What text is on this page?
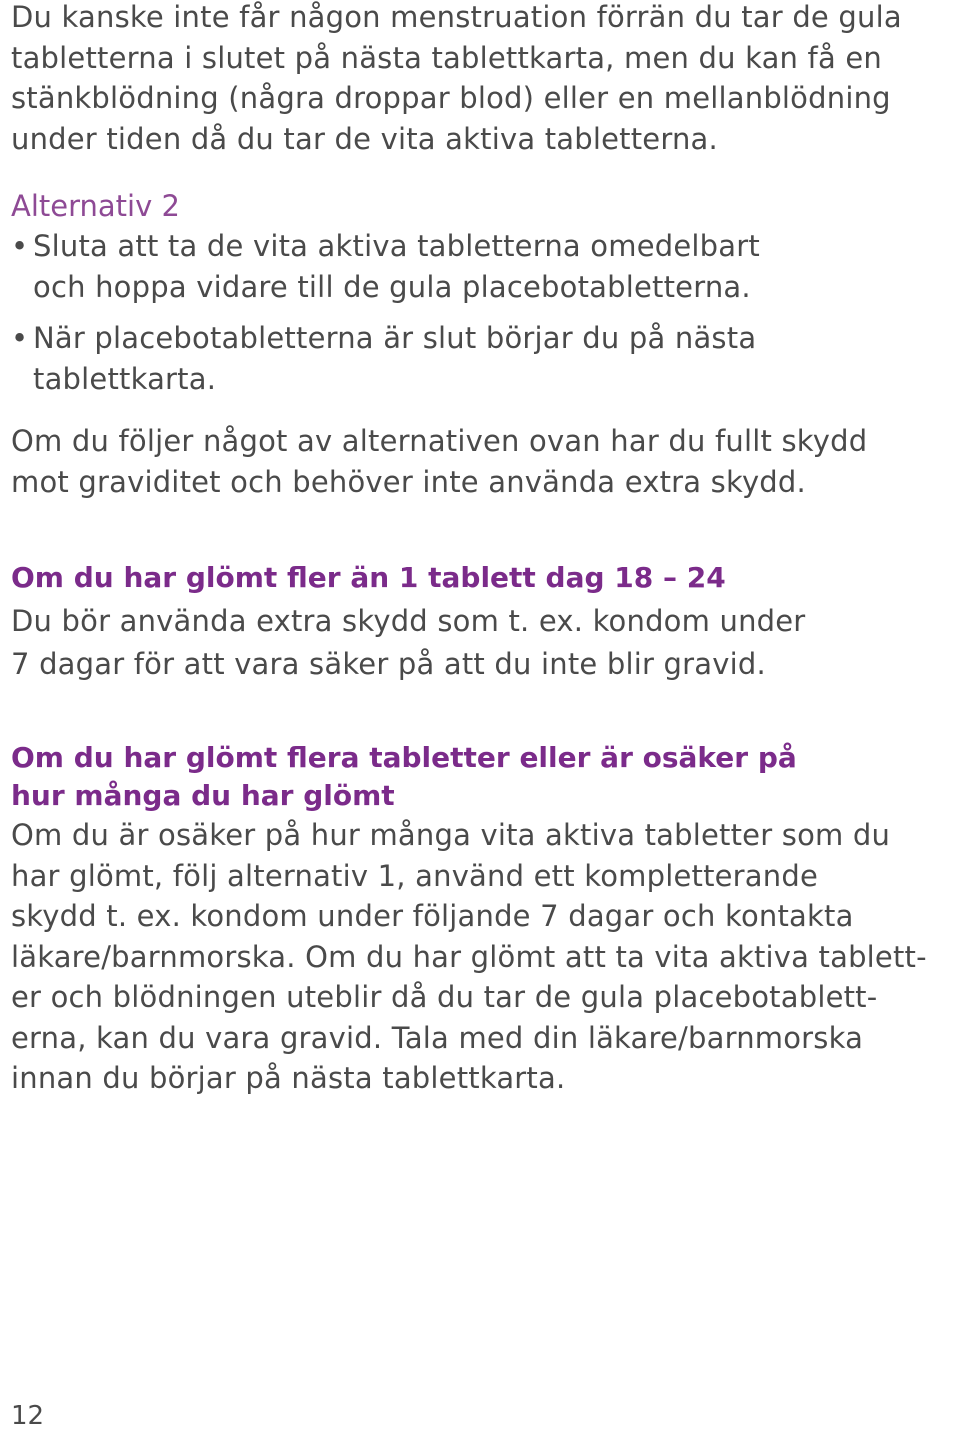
Du kanske inte får någon menstruation förrän du tar de gula
tabletterna i slutet på nästa tablettkarta, men du kan få en
stänkblödning (några droppar blod) eller en mellanblödning
under tiden då du tar de vita aktiva tabletterna.
Alternativ 2
• Sluta att ta de vita aktiva tabletterna omedelbart
och hoppa vidare till de gula placebotabletterna.
• När placebotabletterna är slut börjar du på nästa
tablettkarta.
Om du följer något av alternativen ovan har du fullt skydd
mot graviditet och behöver inte använda extra skydd.
Om du har glömt fler än 1 tablett dag 18 – 24
Du bör använda extra skydd som t. ex. kondom under
7 dagar för att vara säker på att du inte blir gravid.
Om du har glömt flera tabletter eller är osäker på
hur många du har glömt
Om du är osäker på hur många vita aktiva tabletter som du
har glömt, följ alternativ 1, använd ett kompletterande
skydd t. ex. kondom under följande 7 dagar och kontakta
läkare/barnmorska. Om du har glömt att ta vita aktiva tablett-
er och blödningen uteblir då du tar de gula placebotablett-
erna, kan du vara gravid. Tala med din läkare/barnmorska
innan du börjar på nästa tablettkarta.
12
